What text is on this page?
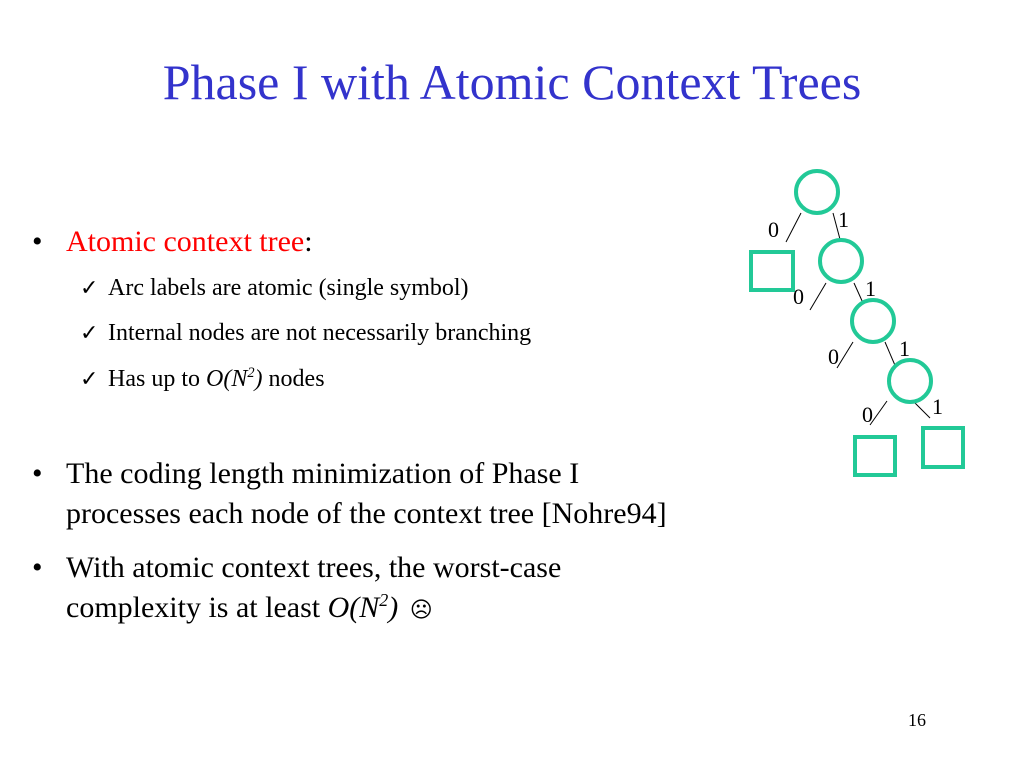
Phase I with Atomic Context Trees
• Atomic context tree:
✓ Arc labels are atomic (single symbol)
✓ Internal nodes are not necessarily branching
✓ Has up to $O(N^2)$ nodes
• The coding length minimization of Phase I
processes each node of the context tree [Nohre94]
• With atomic context trees, the worst-case
complexity is at least $O(N^2)$ ☹
0	1
0	1
0	1
0	1
16
